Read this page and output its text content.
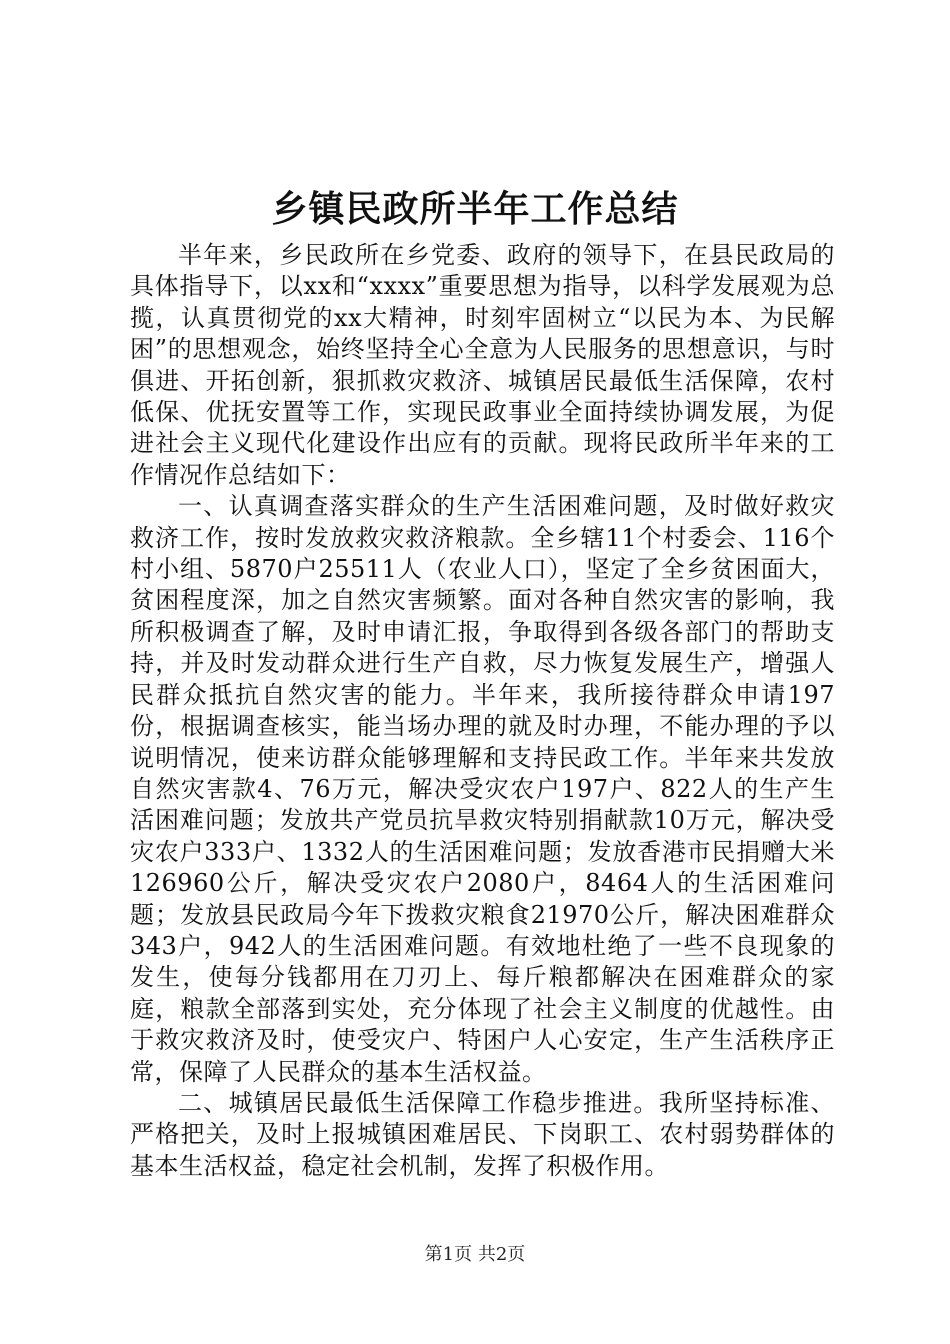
乡镇民政所半年工作总结

半年来，乡民政所在乡党委、政府的领导下，在县民政局的具体指导下，以xx和“xxxx”重要思想为指导，以科学发展观为总揽，认真贯彻党的xx大精神，时刻牢固树立“以民为本、为民解困”的思想观念，始终坚持全心全意为人民服务的思想意识，与时俱进、开拓创新，狠抓救灾救济、城镇居民最低生活保障，农村低保、优抚安置等工作，实现民政事业全面持续协调发展，为促进社会主义现代化建设作出应有的贡献。现将民政所半年来的工作情况作总结如下：

一、认真调查落实群众的生产生活困难问题，及时做好救灾救济工作，按时发放救灾救济粮款。全乡辖11个村委会、116个村小组、5870户25511人（农业人口），坚定了全乡贫困面大，贫困程度深，加之自然灾害频繁。面对各种自然灾害的影响，我所积极调查了解，及时申请汇报，争取得到各级各部门的帮助支持，并及时发动群众进行生产自救，尽力恢复发展生产，增强人民群众抵抗自然灾害的能力。半年来，我所接待群众申请197份，根据调查核实，能当场办理的就及时办理，不能办理的予以说明情况，使来访群众能够理解和支持民政工作。半年来共发放自然灾害款4、76万元，解决受灾农户197户、822人的生产生活困难问题；发放共产党员抗旱救灾特别捐献款10万元，解决受灾农户333户、1332人的生活困难问题；发放香港市民捐赠大米126960公斤，解决受灾农户2080户，8464人的生活困难问题；发放县民政局今年下拨救灾粮食21970公斤，解决困难群众343户，942人的生活困难问题。有效地杜绝了一些不良现象的发生，使每分钱都用在刀刃上、每斤粮都解决在困难群众的家庭，粮款全部落到实处，充分体现了社会主义制度的优越性。由于救灾救济及时，使受灾户、特困户人心安定，生产生活秩序正常，保障了人民群众的基本生活权益。

二、城镇居民最低生活保障工作稳步推进。我所坚持标准、严格把关，及时上报城镇困难居民、下岗职工、农村弱势群体的基本生活权益，稳定社会机制，发挥了积极作用。

第1页 共2页
